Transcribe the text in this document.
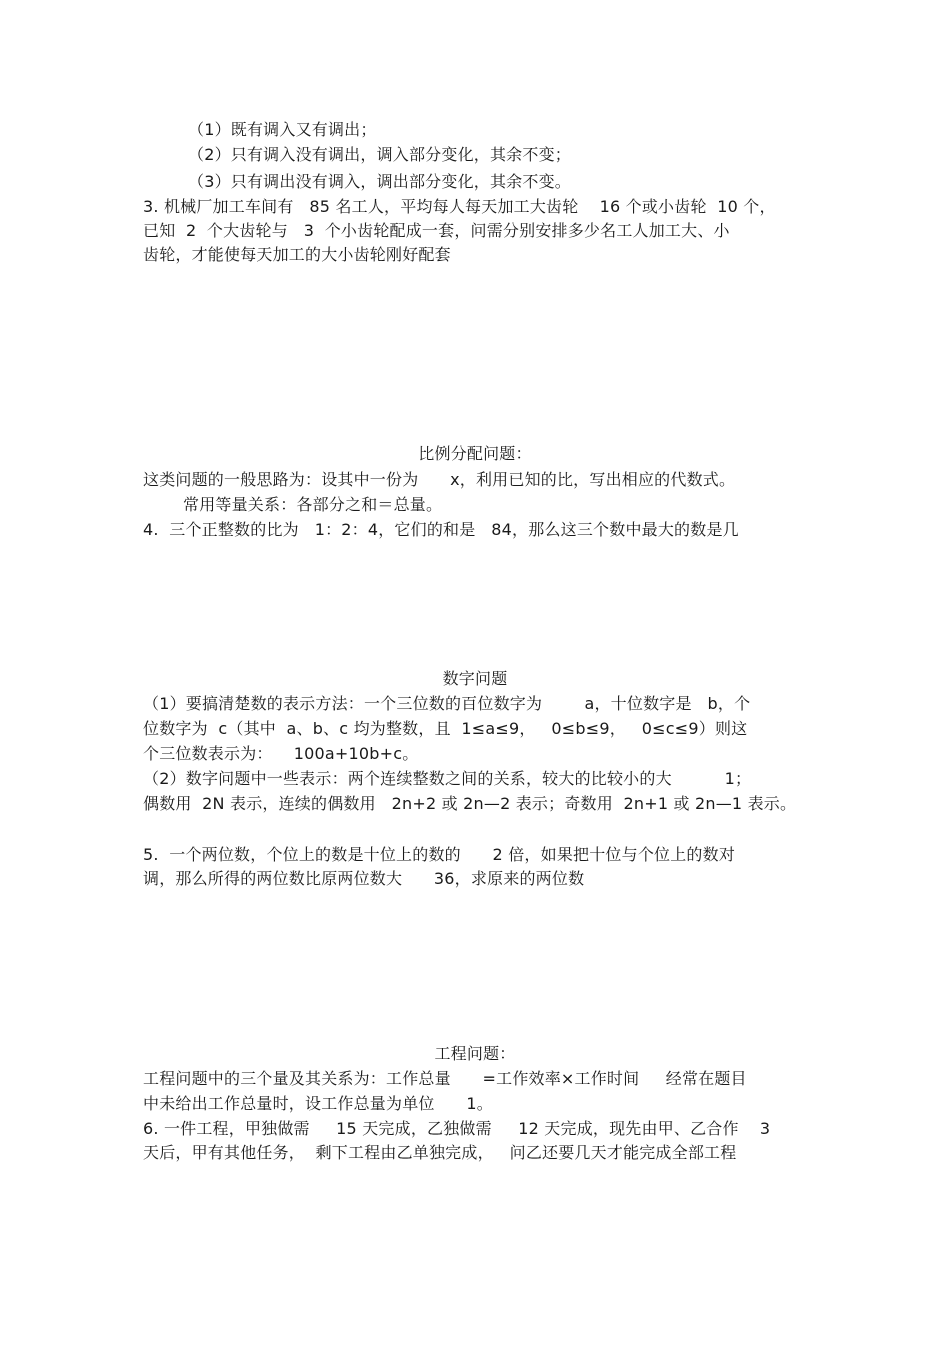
（1）既有调入又有调出；
（2）只有调入没有调出，调入部分变化，其余不变；
（3）只有调出没有调入，调出部分变化，其余不变。
3. 机械厂加工车间有   85 名工人，平均每人每天加工大齿轮    16 个或小齿轮  10 个，
已知  2  个大齿轮与   3  个小齿轮配成一套，问需分别安排多少名工人加工大、小
齿轮，才能使每天加工的大小齿轮刚好配套
比例分配问题：
这类问题的一般思路为：设其中一份为      x，利用已知的比，写出相应的代数式。
常用等量关系：各部分之和＝总量。
4.  三个正整数的比为   1：2：4，它们的和是   84，那么这三个数中最大的数是几
数字问题
（1）要搞清楚数的表示方法：一个三位数的百位数字为        a，十位数字是   b，个
位数字为  c（其中  a、b、c 均为整数，且  1≤a≤9，   0≤b≤9，   0≤c≤9）则这
个三位数表示为：    100a+10b+c。
（2）数字问题中一些表示：两个连续整数之间的关系，较大的比较小的大          1；
偶数用  2N 表示，连续的偶数用   2n+2 或 2n—2 表示；奇数用  2n+1 或 2n—1 表示。
5.  一个两位数，个位上的数是十位上的数的      2 倍，如果把十位与个位上的数对
调，那么所得的两位数比原两位数大      36，求原来的两位数
工程问题：
工程问题中的三个量及其关系为：工作总量      =工作效率×工作时间     经常在题目
中未给出工作总量时，设工作总量为单位      1。
6. 一件工程，甲独做需     15 天完成，乙独做需     12 天完成，现先由甲、乙合作    3
天后，甲有其他任务，  剩下工程由乙单独完成，   问乙还要几天才能完成全部工程
